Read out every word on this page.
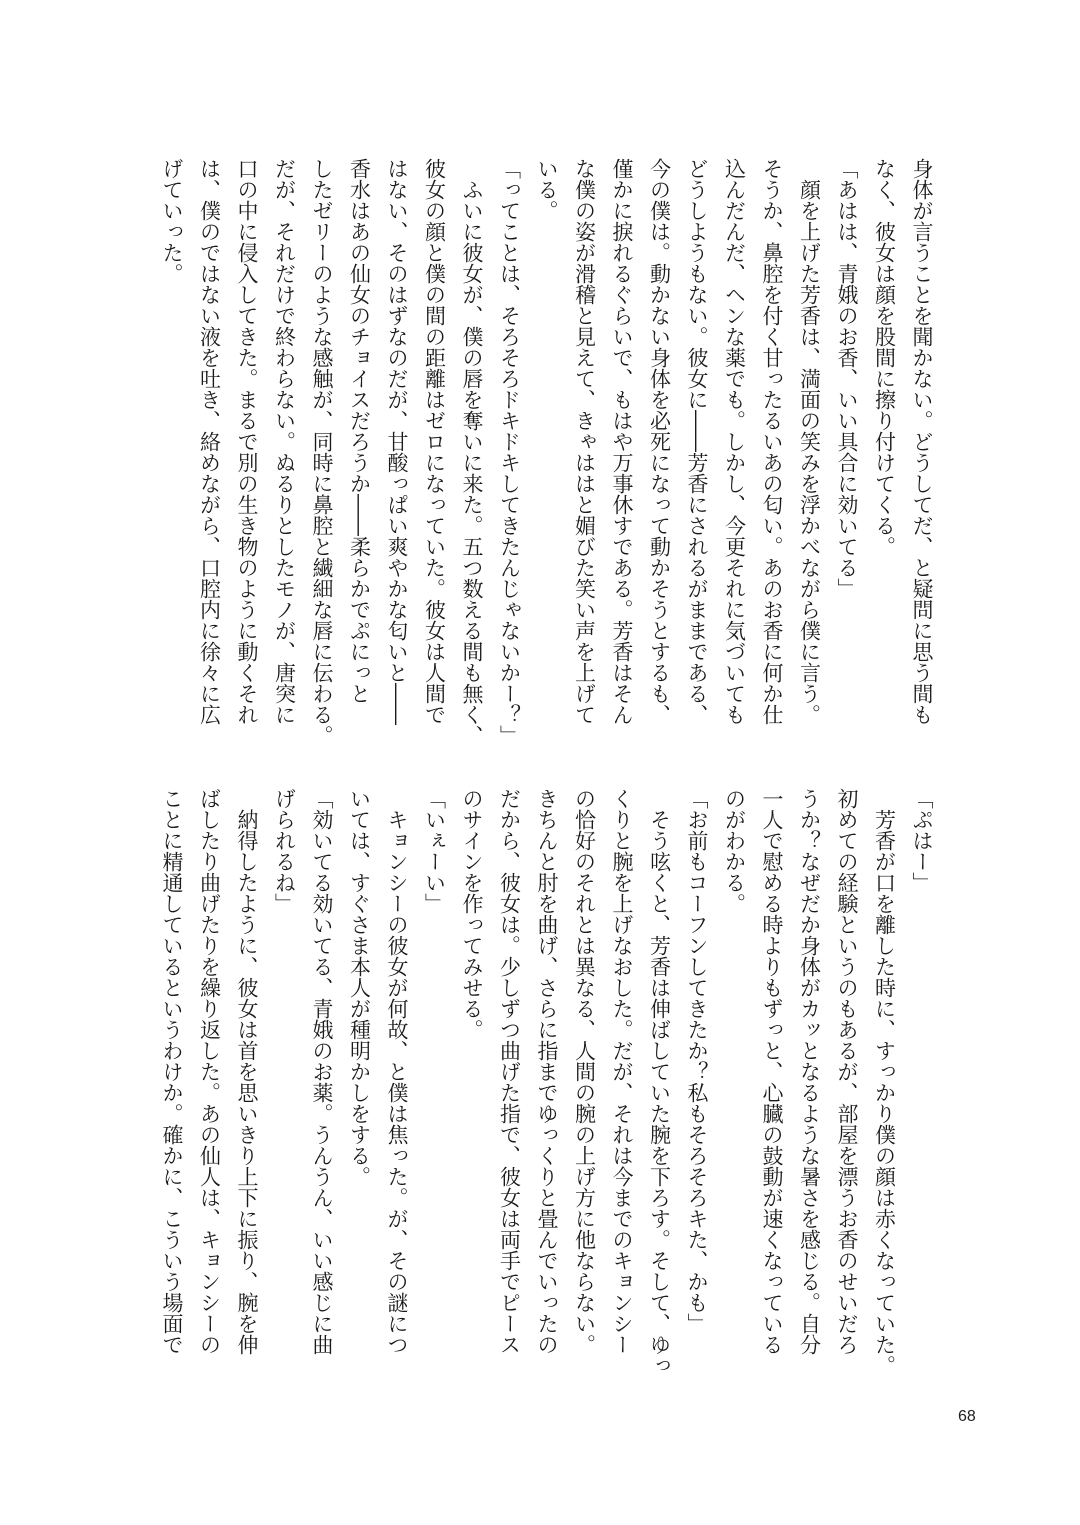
身体が言うことを聞かない。どうしてだ、と疑問に思う間も
なく、彼女は顔を股間に擦り付けてくる。
「あはは、青娥のお香、いい具合に効いてる」
　顔を上げた芳香は、満面の笑みを浮かべながら僕に言う。
そうか、鼻腔を付く甘ったるいあの匂い。あのお香に何か仕
込んだんだ、ヘンな薬でも。しかし、今更それに気づいても
どうしようもない。彼女に――芳香にされるがままである、
今の僕は。動かない身体を必死になって動かそうとするも、
僅かに捩れるぐらいで、もはや万事休すである。芳香はそん
な僕の姿が滑稽と見えて、きゃははと媚びた笑い声を上げて
いる。
「ってことは、そろそろドキドキしてきたんじゃないかー？」
　ふいに彼女が、僕の唇を奪いに来た。五つ数える間も無く、
彼女の顔と僕の間の距離はゼロになっていた。彼女は人間で
はない、そのはずなのだが、甘酸っぱい爽やかな匂いと――
香水はあの仙女のチョイスだろうか――柔らかでぷにっと
したゼリーのような感触が、同時に鼻腔と繊細な唇に伝わる。
だが、それだけで終わらない。ぬるりとしたモノが、唐突に
口の中に侵入してきた。まるで別の生き物のように動くそれ
は、僕のではない液を吐き、絡めながら、口腔内に徐々に広
げていった。
「ぷはー」
　芳香が口を離した時に、すっかり僕の顔は赤くなっていた。
初めての経験というのもあるが、部屋を漂うお香のせいだろ
うか？なぜだか身体がカッとなるような暑さを感じる。自分
一人で慰める時よりもずっと、心臓の鼓動が速くなっている
のがわかる。
「お前もコーフンしてきたか？私もそろそろキた、かも」
　そう呟くと、芳香は伸ばしていた腕を下ろす。そして、ゆっ
くりと腕を上げなおした。だが、それは今までのキョンシー
の恰好のそれとは異なる、人間の腕の上げ方に他ならない。
きちんと肘を曲げ、さらに指までゆっくりと畳んでいったの
だから、彼女は。少しずつ曲げた指で、彼女は両手でピース
のサインを作ってみせる。
「いぇーい」
　キョンシーの彼女が何故、と僕は焦った。が、その謎につ
いては、すぐさま本人が種明かしをする。
「効いてる効いてる、青娥のお薬。うんうん、いい感じに曲
げられるね」
　納得したように、彼女は首を思いきり上下に振り、腕を伸
ばしたり曲げたりを繰り返した。あの仙人は、キョンシーの
ことに精通しているというわけか。確かに、こういう場面で
68
